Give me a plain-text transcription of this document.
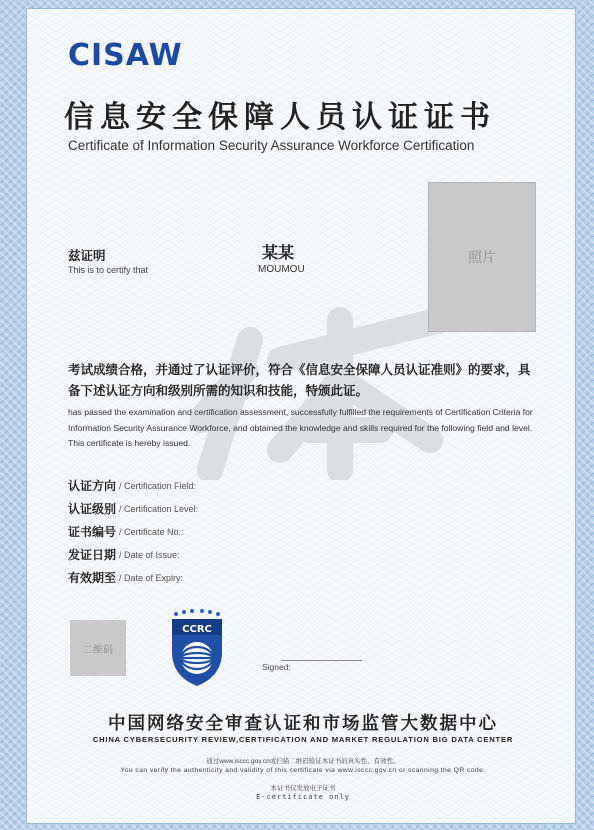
CISAW
信息安全保障人员认证证书
Certificate of Information Security Assurance Workforce Certification
照片
兹证明
This is to certify that
某某
MOUMOU
考试成绩合格，并通过了认证评价，符合《信息安全保障人员认证准则》的要求，具备下述认证方向和级别所需的知识和技能，特颁此证。
has passed the examination and certification assessment, successfully fulfilled the requirements of Certification Criteria for Information Security Assurance Workforce, and obtained the knowledge and skills required for the following field and level. This certificate is hereby issued.
认证方向 / Certification Field:
认证级别 / Certification Level:
证书编号 / Certificate No.:
发证日期 / Date of Issue:
有效期至 / Date of Expiry:
二维码
CCRC
Signed:
中国网络安全审查认证和市场监管大数据中心
CHINA CYBERSECURITY REVIEW,CERTIFICATION AND MARKET REGULATION BIG DATA CENTER
通过www.isccc.gov.cn或扫描二维码验证本证书的真实性、有效性。
You can verify the authenticity and validity of this certificate via www.isccc.gov.cn or scanning the QR code.
本证书仅发放电子证书
E-certificate only
